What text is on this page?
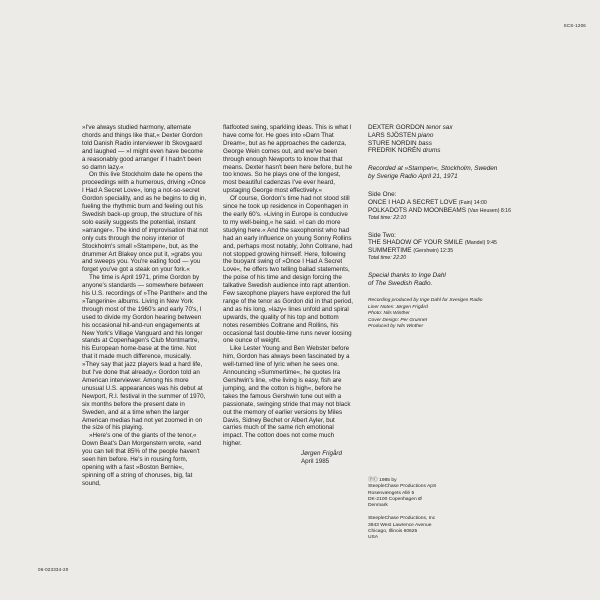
SCS-1206

»I've always studied harmony, alternate chords and things like that,« Dexter Gordon told Danish Radio interviewer Ib Skovgaard and laughed — »I might even have become a reasonably good arranger if I hadn't been so damn lazy.«

On this live Stockholm date he opens the proceedings with a humerous, driving »Once I Had A Secret Love«, long a not-so-secret Gordon speciality, and as he begins to dig in, fueling the rhythmic burn and feeling out his Swedish back-up group, the structure of his solo easily suggests the potential, instant »arranger«. The kind of improvisation that not only cuts through the noisy interior of Stockholm's small »Stampen«, but, as the drummer Art Blakey once put it, »grabs you and sweeps you. You're eating food — you forget you've got a steak on your fork.«

The time is April 1971, prime Gordon by anyone's standards — somewhere between his U.S. recordings of »The Panther« and the »Tangerine« albums. Living in New York through most of the 1960's and early 70's, I used to divide my Gordon hearing between his occasional hit-and-run engagements at New York's Village Vanguard and his longer stands at Copenhagen's Club Montmartre, his European home-base at the time. Not that it made much difference, musically. »They say that jazz players lead a hard life, but I've done that already,« Gordon told an American interviewer. Among his more unusual U.S. appearances was his debut at Newport, R.I. festival in the summer of 1970, six months before the present date in Sweden, and at a time when the larger American medias had not yet zoomed in on the size of his playing.

»Here's one of the giants of the tenor,« Down Beat's Dan Morgenstern wrote, »and you can tell that 85% of the people haven't seen him before. He's in rousing form, opening with a fast »Boston Bernie«, spinning off a string of choruses, big, fat sound,

flatfooted swing, sparkling ideas. This is what I have come for. He goes into »Darn That Dream«, but as he approaches the cadenza, George Wein comes out, and we've been through enough Newports to know that that means. Dexter hasn't been here before, but he too knows. So he plays one of the longest, most beautiful cadenzas I've ever heard, upstaging George most effectively.«

Of course, Gordon's time had not stood still since he took up residence in Copenhagen in the early 60's. »Living in Europe is conducive to my well-being,« he said. »I can do more studying here.« And the saxophonist who had had an early influence on young Sonny Rollins and, perhaps most notably, John Coltrane, had not stopped growing himself. Here, following the buoyant swing of »Once I Had A Secret Love«, he offers two telling ballad statements, the poise of his time and design forcing the talkative Swedish audience into rapt attention. Few saxophone players have explored the full range of the tenor as Gordon did in that period, and as his long, »lazy« lines unfold and spiral upwards, the quality of his top and bottom notes resembles Coltrane and Rollins, his occasional fast double-time runs never loosing one ounce of weight.

Like Lester Young and Ben Webster before him, Gordon has always been fascinated by a well-turned line of lyric when he sees one. Announcing »Summertime«, he quotes Ira Gershwin's line, »the living is easy, fish are jumping, and the cotton is high«, before he takes the famous Gershwin tune out with a passionate, swinging stride that may not black out the memory of earlier versions by Miles Davis, Sidney Bechet or Albert Ayler, but carries much of the same rich emotional impact. The cotton does not come much higher.

Jørgen Frigård
April 1985
DEXTER GORDON tenor sax
LARS SJÖSTEN piano
STURE NORDIN bass
FREDRIK NORÉN drums
Recorded at »Stampen«, Stockholm, Sweden
by Sverige Radio April 21, 1971
Side One:
ONCE I HAD A SECRET LOVE (Fain) 14:00
POLKADOTS AND MOONBEAMS (Van Heusen) 8:16
Total time: 22:10
Side Two:
THE SHADOW OF YOUR SMILE (Mandel) 9:45
SUMMERTIME (Gershwin) 12:35
Total time: 22:20
Special thanks to Inge Dahl
of The Swedish Radio.
Recording produced by Inge Dahl for Sveriges Radio
Liner Notes: Jørgen Frigård
Photo: Nils Winther
Cover Design: Per Grunnet
Produced by Nils Winther
ⓅⒸ 1985 by
SteepleChase Productions ApS
Rosenvængets Allé 5
DK-2100 Copenhagen Ø
Denmark
SteepleChase Productions, Inc
3943 West Lawrence Avenue
Chicago, Illinois 60625
USA
06-023334-20
